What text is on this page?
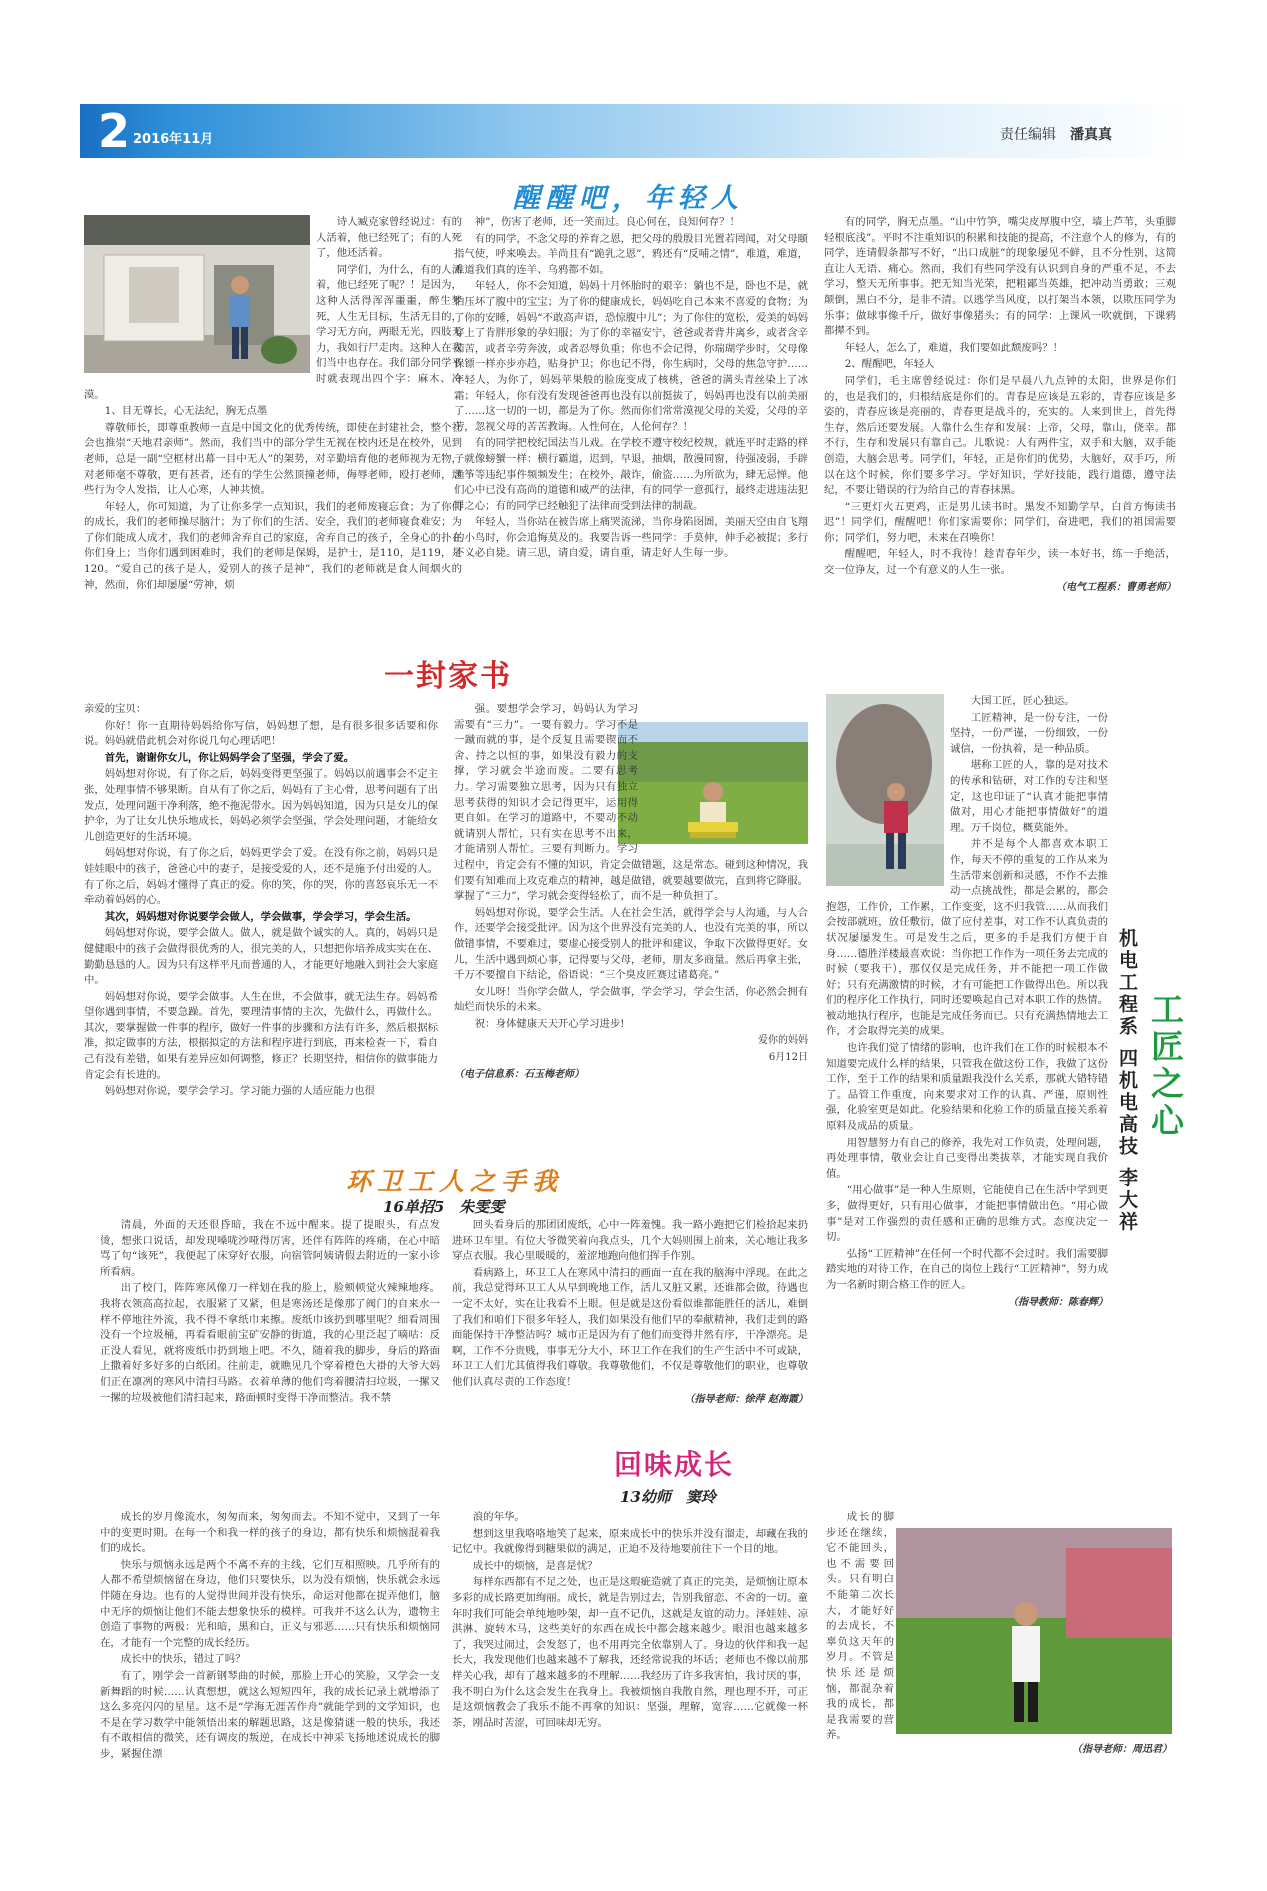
2 2016年11月	责任编辑 潘真真
醒醒吧，年轻人

诗人臧克家曾经说过：有的人活着，他已经死了；有的人死了，他还活着。

同学们，为什么，有的人活着，他已经死了呢？！是因为，这种人活得浑浑噩噩，醉生梦死，人生无目标，生活无目的，学习无方向，两眼无光，四肢无力，我如行尸走肉。这种人在我们当中也存在。我们部分同学平时就表现出四个字：麻木、冷漠。

1、目无尊长，心无法纪，胸无点墨

尊敬师长，即尊重教师一直是中国文化的优秀传统，即使在封建社会，整个社会也推崇“天地君亲师”。然而，我们当中的部分学生无视在校内还是在校外，见到老师，总是一副“空框材出幕一目中无人”的架势，对辛勤培育他的老师视为无物，对老师毫不尊敬，更有甚者，还有的学生公然顶撞老师，侮辱老师，殴打老师，这些行为令人发指，让人心寒，人神共愤。

年轻人，你可知道，为了让你多学一点知识，我们的老师废寝忘食；为了你们的成长，我们的老师操尽脑汁；为了你们的生活、安全，我们的老师寝食难安；为了你们能成人成才，我们的老师舍弃自己的家庭，舍弃自己的孩子，全身心的扑在你们身上；当你们遇到困难时，我们的老师是保姆，是护士，是110，是119，是120。“爱自己的孩子是人，爱别人的孩子是神”，我们的老师就是食人间烟火的神，然而，你们却屡屡“劳神，烦

神”，伤害了老师，还一笑而过。良心何在，良知何存？！

有的同学，不念父母的养育之恩，把父母的殷殷目光置若罔闻，对父母颐指气使，呼来唤去。羊尚且有“跪乳之恩”，鸦还有“反哺之情”，难道，难道，难道我们真的连羊、乌鸦都不如。

年轻人，你不会知道，妈妈十月怀胎时的艰辛：躺也不是，卧也不是，就怕压坏了腹中的宝宝；为了你的健康成长，妈妈吃自己本来不喜爱的食物；为了你的安睡，妈妈“不敢高声语，恐惊腹中儿”；为了你住的宽松，爱美的妈妈穿上了肯胖形象的孕妇服；为了你的幸福安宁，爸爸或者背井离乡，或者含辛茹苦，或者辛劳奔波，或者忍辱负重；你也不会记得，你瑞瑚学步时，父母像保镖一样亦步亦趋，贴身护卫；你也记不得，你生病时，父母的焦急守护……年轻人，为你了，妈妈苹果般的脸庞变成了核桃，爸爸的满头青丝染上了冰霜；年轻人，你有没有发现爸爸再也没有以前挺拔了，妈妈再也没有以前美丽了……这一切的一切，都是为了你。然而你们常常漠视父母的关爱，父母的辛劳，忽视父母的苦苦教诲。人性何在，人伦何存？！

有的同学把校纪国法当儿戏。在学校不遵守校纪校规，就连平时走路的样子就像螃蟹一样：横行霸道，迟到，早退，抽烟，散漫同窗，待强凌弱，手辟渔筝等违纪事件频频发生；在校外，敲诈，偷盗……为所欲为，肆无忌惮。他们心中已没有高尚的道德和威严的法律，有的同学一意孤行，最终走进违法犯罪之心；有的同学已经触犯了法律而受到法律的制裁。

年轻人，当你站在被告席上痛哭流涕，当你身陷囹圄，美丽天空由自飞翔的小鸟时，你会追悔莫及的。我要告诉一些同学：手莫伸，伸手必被捉；多行不义必自毙。请三思，请自爱，请自重，请走好人生每一步。

有的同学，胸无点墨。“山中竹笋，嘴尖皮厚腹中空，墙上芦苇，头重脚轻根底浅”。平时不注重知识的积累和技能的提高，不注意个人的修为，有的同学，连请假条都写不好，“出口成脏”的现象屡见不鲜，且不分性别，这简直让人无语、痛心。然而，我们有些同学没有认识到自身的严重不足，不去学习，整天无所事事。把无知当光荣，把粗鄙当英雄，把冲动当勇敢；三观颠倒，黑白不分，是非不清。以逃学当风度，以打架当本领，以欺压同学为乐事；做球事像千斤，做好事像猪头；有的同学：上课风一吹就倒，下课鸦都撵不到。

年轻人，怎么了，难道，我们要如此颓废吗？！

2、醒醒吧，年轻人

同学们，毛主席曾经说过：你们是早晨八九点钟的太阳，世界是你们的，也是我们的，归根结底是你们的。青春是应该是五彩的，青春应该是多姿的，青春应该是亮丽的，青春更是战斗的，充实的。人来到世上，首先得生存，然后还要发展。人靠什么生存和发展：上帝，父母，靠山，侥幸。都不行，生存和发展只有靠自己。儿歌说：人有两件宝，双手和大脑，双手能创造，大脑会思考。同学们，年轻，正是你们的优势，大脑好，双手巧，所以在这个时候，你们要多学习。学好知识，学好技能，践行道德，遵守法纪，不要让错误的行为给自己的青春抹黑。

“三更灯火五更鸡，正是男儿读书时。黑发不知勤学早，白首方悔读书迟”！同学们，醒醒吧！你们家需要你；同学们，奋进吧，我们的祖国需要你；同学们，努力吧，未来在召唤你！

醒醒吧，年轻人，时不我待！趁青春年少，读一本好书，练一手绝活，交一位诤友，过一个有意义的人生一张。

（电气工程系：曹勇老师）

一封家书

亲爱的宝贝：

你好！你一直期待妈妈给你写信，妈妈想了想，是有很多很多话要和你说。妈妈就借此机会对你说几句心理话吧！

首先，谢谢你女儿，你让妈妈学会了坚强，学会了爱。

妈妈想对你说，有了你之后，妈妈变得更坚强了。妈妈以前遇事会不定主张，处理事情不够果断。自从有了你之后，妈妈有了主心骨，思考问题有了出发点，处理问题干净利落，绝不拖泥带水。因为妈妈知道，因为只是女儿的保护伞，为了让女儿快乐地成长，妈妈必须学会坚强，学会处理问题，才能给女儿创造更好的生活环境。

妈妈想对你说，有了你之后，妈妈更学会了爱。在没有你之前，妈妈只是娃娃眼中的孩子，爸爸心中的妻子，是接受爱的人，还不是施予付出爱的人。有了你之后，妈妈才懂得了真正的爱。你的笑，你的哭，你的喜怒哀乐无一不牵动着妈妈的心。

其次，妈妈想对你说要学会做人，学会做事，学会学习，学会生活。

妈妈想对你说，要学会做人。做人，就是做个诚实的人。真的，妈妈只是健健眼中的孩子会做得很优秀的人，很完美的人，只想把你培养成实实在在、勤勤恳恳的人。因为只有这样平凡而普通的人，才能更好地融入到社会大家庭中。

妈妈想对你说，要学会做事。人生在世，不会做事，就无法生存。妈妈希望你遇到事情，不要急躁。首先，要理清事情的主次，先做什么，再做什么。其次，要掌握做一件事的程序，做好一件事的步骤和方法有许多，然后根据标准，拟定做事的方法，根据拟定的方法和程序进行到底，再来检查一下，看自己有没有差错，如果有差异应如何调整，修正？长期坚持，相信你的做事能力肯定会有长进的。

妈妈想对你说，要学会学习。学习能力强的人适应能力也很

强。要想学会学习，妈妈认为学习需要有“三力”。一要有毅力。学习不是一蹴而就的事，是个反复且需要锲而不舍、持之以恒的事，如果没有毅力的支撑，学习就会半途而废。二要有思考力。学习需要独立思考，因为只有独立思考获得的知识才会记得更牢，运用得更自如。在学习的道路中，不要动不动就请别人帮忙，只有实在思考不出来，才能请别人帮忙。三要有判断力。学习过程中，肯定会有不懂的知识，肯定会做错题，这是常态。碰到这种情况，我们要有知难而上攻克难点的精神，越是做错，就要越要做完，直到将它降服。掌握了“三力”，学习就会变得轻松了，而不是一种负担了。

妈妈想对你说，要学会生活。人在社会生活，就得学会与人沟通，与人合作，还要学会接受批评。因为这个世界没有完美的人，也没有完美的事，所以做错事情，不要难过，要虚心接受别人的批评和建议，争取下次做得更好。女儿，生活中遇到烦心事，记得要与父母，老师，朋友多商量。然后再拿主张，千万不要擅自下结论，俗语说：“三个臭皮匠赛过诸葛亮。”

女儿呀！当你学会做人，学会做事，学会学习，学会生活，你必然会拥有灿烂而快乐的未来。

祝：身体健康天天开心学习进步!

爱你的妈妈

6月12日

（电子信息系：石玉梅老师）

大国工匠，匠心独运。

工匠精神，是一份专注，一份坚持，一份严谨，一份细致，一份诚信，一份执着，是一种品质。

堪称工匠的人，靠的是对技术的传承和钻研，对工作的专注和坚定，这也印证了“认真才能把事情做对，用心才能把事情做好”的道理。万千岗位，概莫能外。

并不是每个人都喜欢本职工作，每天不停的重复的工作从来为生活带来创新和灵感，不作不去推动一点挑战性，都是会累的，都会抱怨，工作价，工作累，工作变变，这不归我管……从而我们会按部就班，放任敷衍，做了应付差事，对工作不认真负责的状况屡屡发生。可是发生之后，更多的手是我们方便于自身……德胜洋楼最喜欢说：当你把工作作为一项任务去完成的时候（要我干），那仅仅是完成任务，并不能把一项工作做好；只有充满激情的时候，才有可能把工作做得出色。所以我们的程序化工作执行，同时还要唤起自己对本职工作的热情。被动地执行程序，也能是完成任务而已。只有充满热情地去工作，才会取得完美的成果。

也许我们觉了情绪的影响，也许我们在工作的时候根本不知道要完成什么样的结果，只管我在做这份工作，我做了这份工作，至于工作的结果和质量跟我没什么关系，那就大错特错了。品管工作重度，向来要求对工作的认真、严谨，原则性强，化验室更是如此。化验结果和化验工作的质量直接关系着原料及成品的质量。

用智慧努力有自己的修养，我先对工作负责，处理问题，再处理事情，敬业会让自己变得出类拔萃，才能实现自我价值。

“用心做事”是一种人生原则，它能使自己在生活中学到更多，做得更好，只有用心做事，才能把事情做出色。“用心做事”是对工作强烈的责任感和正确的思维方式。态度决定一切。

弘扬“工匠精神”在任何一个时代都不会过时。我们需要脚踏实地的对待工作，在自己的岗位上践行“工匠精神”，努力成为一名新时期合格工作的匠人。

（指导教师：陈春辉）

机电工程系 四机电高技 李大祥 工匠之心
环卫工人之手我
16单招5　朱雯雯

清晨，外面的天还很昏暗，我在不远中醒来。提了提眼头，有点发烫，想张口说话，却发现嗓咙沙哑得厉害，还伴有阵阵的疼痛，在心中暗骂了句“该死”，我便起了床穿好衣服，向宿管阿姨请假去附近的一家小诊所看病。

出了校门，阵阵寒风像刀一样划在我的脸上，脸颊顿觉火辣辣地疼。我将衣领高高拉起，衣服紧了又紧，但是寒汤还是像那了阀门的自来水一样不停地往外流，我不得不拿纸巾来擦。废纸巾该扔到哪里呢？细看周围没有一个垃圾桶，再看看眼前宝矿安静的街道，我的心里泛起了嘀咕：反正没人看见，就将废纸巾扔到地上吧。不久，随着我的脚步，身后的路面上撒着好多好多的白纸团。往前走，就瞧见几个穿着橙色大褂的大爷大妈们正在凛冽的寒风中清扫马路。衣着单薄的他们弯着腰清扫垃圾，一摞又一摞的垃圾被他们清扫起来，路面顿时变得干净而整洁。我不禁

回头看身后的那团团废纸，心中一阵羞愧。我一路小跑把它们检拾起来扔进环卫车里。有位大爷微笑着向我点头，几个大妈则围上前来，关心地让我多穿点衣服。我心里暖暖的，羞涩地跑向他们挥手作别。

看病路上，环卫工人在寒风中清扫的画面一直在我的脑海中浮现。在此之前，我总觉得环卫工人从早到晚地工作，活儿又脏又累，还谁都会做，待遇也一定不太好，实在让我看不上眼。但是就是这份看似谁都能胜任的活儿，难倒了我们和咱们下很多年轻人，我们如果没有他们早的奉献精神，我们走到的路面能保持干净整洁吗？城市正是因为有了他们而变得井然有序，干净漂亮。是啊，工作不分贵贱，事事无分大小，环卫工作在我们的生产生活中不可或缺，环卫工人们尤其值得我们尊敬。我尊敬他们，不仅是尊敬他们的职业，也尊敬他们认真尽责的工作态度！

（指导老师：徐萍 赵海霞）

回味成长
13幼师　窦玲

成长的岁月像流水，匆匆而来，匆匆而去。不知不觉中，又到了一年中的变更时期。在每一个和我一样的孩子的身边，都有快乐和烦恼混着我们的成长。

快乐与烦恼永远是两个不离不弃的主线，它们互相照映。几乎所有的人都不希望烦恼留在身边，他们只要快乐，以为没有烦恼，快乐就会永远伴随在身边。也有的人觉得世间并没有快乐，命运对他都在捉弄他们，脑中无序的烦恼让他们不能去想象快乐的模样。可我并不这么认为，遗物主创造了事物的两极：光和暗，黑和白，正义与邪恶……只有快乐和烦恼同在，才能有一个完整的成长经历。

成长中的快乐，错过了吗？

有了，刚学会一首新钢琴曲的时候，那脸上开心的笑脸，又学会一支新舞蹈的时候……认真想想，就这么短短四年，我的成长记录上就增添了这么多亮闪闪的星星。这不是“学海无涯苦作舟”就能学到的文学知识，也不是在学习数学中能领悟出来的解题思路，这是像猜谜一般的快乐，我还有不敢相信的微笑，还有调皮的叛逆，在成长中神采飞扬地述说成长的脚步，紧握住漂

浪的年华。

想到这里我咯咯地笑了起来，原来成长中的快乐并没有溜走，却藏在我的记忆中。我就像得到糖果似的满足，正迫不及待地要前往下一个目的地。

成长中的烦恼，是喜是忧？

每样东西都有不足之处，也正是这瑕疵造就了真正的完美，是烦恼让原本多彩的成长路更加绚丽。成长，就是告别过去，告别我留恋、不舍的一切。童年时我们可能会单纯地吵架，却一直不记仇，这就是友谊的动力。泽娃娃、凉淇淋、旋转木马，这些美好的东西在成长中都会越来越少。眼泪也越来越多了，我哭过闹过，会发怒了，也不用再完全依靠别人了。身边的伙伴和我一起长大，我发现他们也越来越不了解我，还经常说我的坏话；老师也不像以前那样关心我，却有了越来越多的不理解……我经历了许多我害怕，我讨厌的事，我不明白为什么这会发生在我身上。我被烦恼自我散自然，理也理不开，可正是这烦恼教会了我乐不能不再拿的知识：坚强，理解，宽容……它就像一杯茶，刚品时苦涩，可回味却无穷。

成长的脚步还在继续，它不能回头，也不需要回头。只有明白不能第二次长大，才能好好的去成长，不辜负这天年的岁月。不管是快乐还是烦恼，都混杂着我的成长，都是我需要的营养。

（指导老师：周迅君）
